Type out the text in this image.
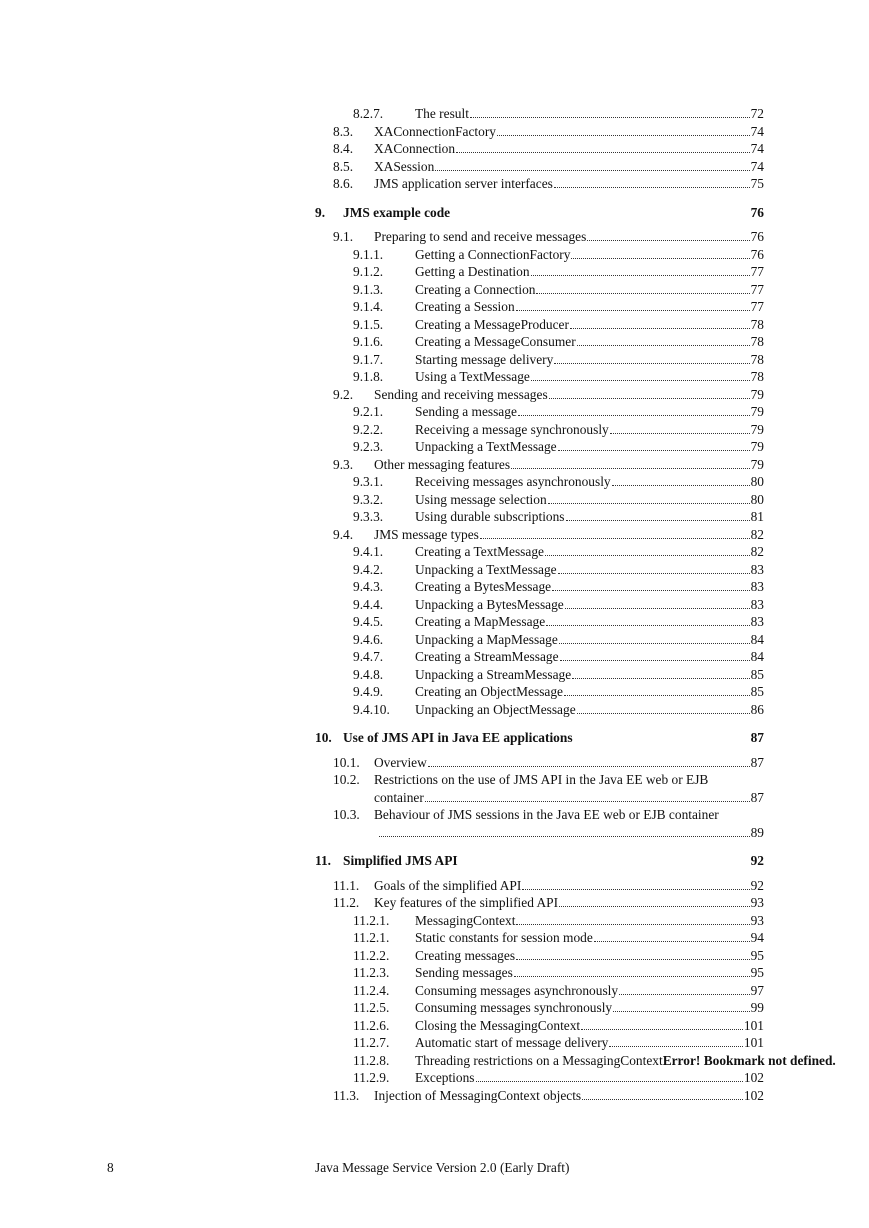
8.2.7. The result	72
8.3. XAConnectionFactory	74
8.4. XAConnection	74
8.5. XASession	74
8.6. JMS application server interfaces	75
9. JMS example code	76
9.1. Preparing to send and receive messages	76
9.1.1. Getting a ConnectionFactory	76
9.1.2. Getting a Destination	77
9.1.3. Creating a Connection	77
9.1.4. Creating a Session	77
9.1.5. Creating a MessageProducer	78
9.1.6. Creating a MessageConsumer	78
9.1.7. Starting message delivery	78
9.1.8. Using a TextMessage	78
9.2. Sending and receiving messages	79
9.2.1. Sending a message	79
9.2.2. Receiving a message synchronously	79
9.2.3. Unpacking a TextMessage	79
9.3. Other messaging features	79
9.3.1. Receiving messages asynchronously	80
9.3.2. Using message selection	80
9.3.3. Using durable subscriptions	81
9.4. JMS message types	82
9.4.1. Creating a TextMessage	82
9.4.2. Unpacking a TextMessage	83
9.4.3. Creating a BytesMessage	83
9.4.4. Unpacking a BytesMessage	83
9.4.5. Creating a MapMessage	83
9.4.6. Unpacking a MapMessage	84
9.4.7. Creating a StreamMessage	84
9.4.8. Unpacking a StreamMessage	85
9.4.9. Creating an ObjectMessage	85
9.4.10. Unpacking an ObjectMessage	86
10. Use of JMS API in Java EE applications	87
10.1. Overview	87
10.2. Restrictions on the use of JMS API in the Java EE web or EJB
container	87
10.3. Behaviour of JMS sessions in the Java EE web or EJB container
89
11. Simplified JMS API	92
11.1. Goals of the simplified API	92
11.2. Key features of the simplified API	93
11.2.1. MessagingContext	93
11.2.1. Static constants for session mode	94
11.2.2. Creating messages	95
11.2.3. Sending messages	95
11.2.4. Consuming messages asynchronously	97
11.2.5. Consuming messages synchronously	99
11.2.6. Closing the MessagingContext	101
11.2.7. Automatic start of message delivery	101
11.2.8. Threading restrictions on a MessagingContext Error! Bookmark not defined.
11.2.9. Exceptions	102
11.3. Injection of MessagingContext objects	102
8	Java Message Service Version 2.0 (Early Draft)
